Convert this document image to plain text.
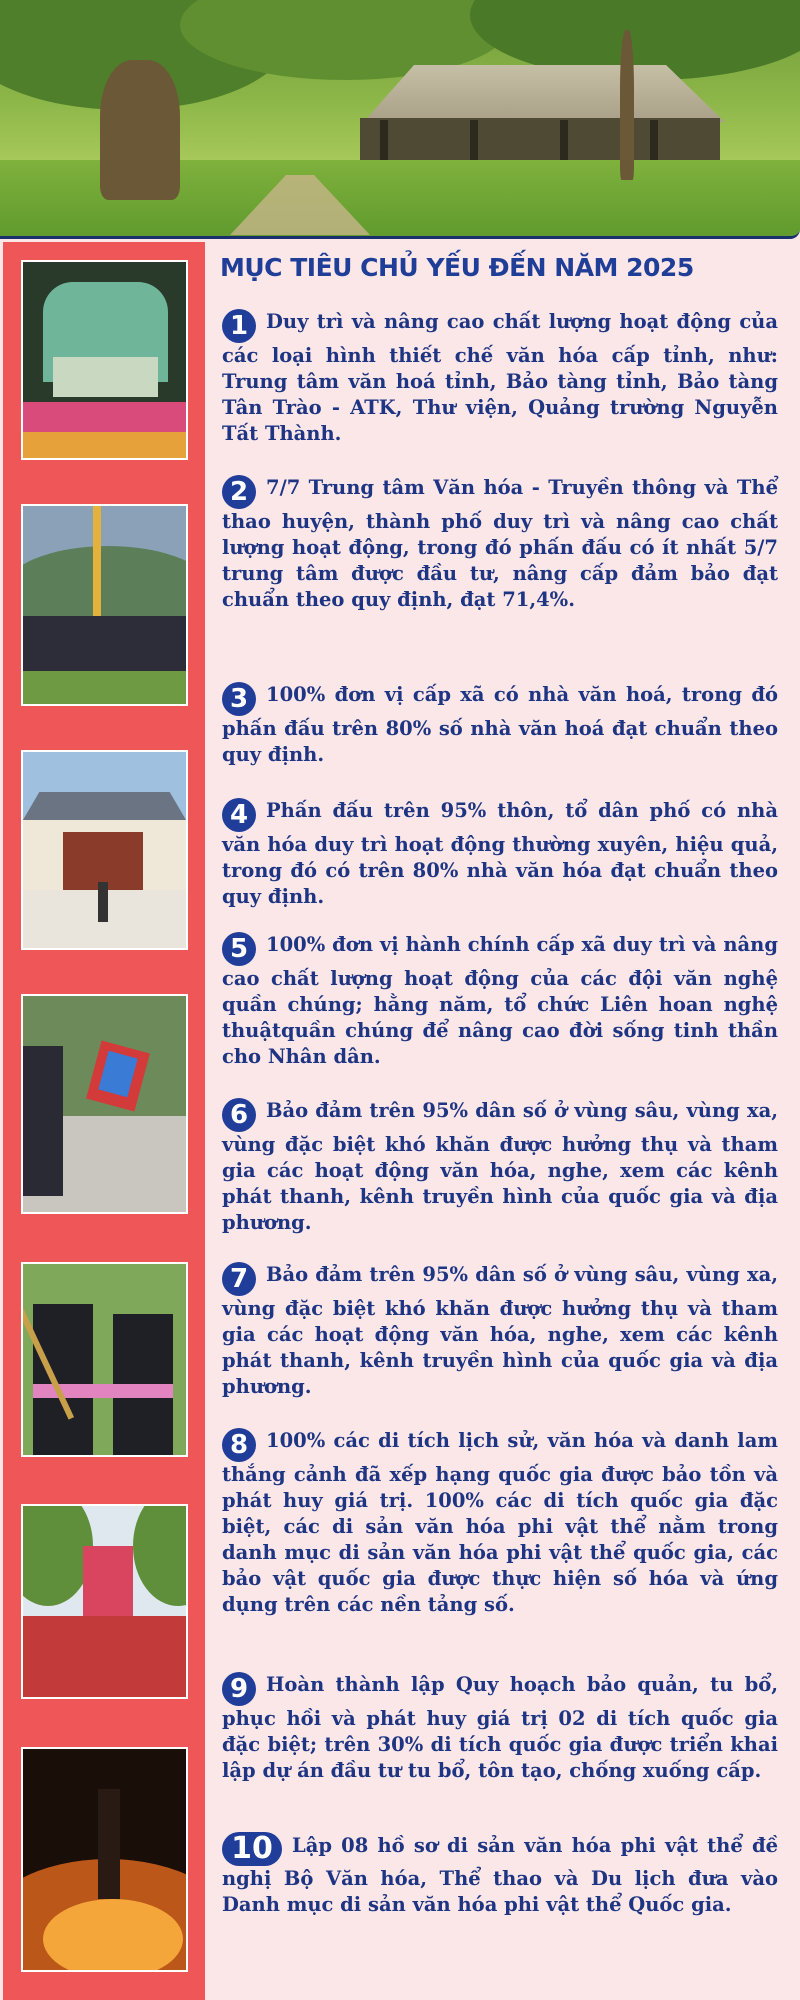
MỤC TIÊU CHỦ YẾU ĐẾN NĂM 2025

1 Duy trì và nâng cao chất lượng hoạt động của các loại hình thiết chế văn hóa cấp tỉnh, như: Trung tâm văn hoá tỉnh, Bảo tàng tỉnh, Bảo tàng Tân Trào - ATK, Thư viện, Quảng trường Nguyễn Tất Thành.

2 7/7 Trung tâm Văn hóa - Truyền thông và Thể thao huyện, thành phố duy trì và nâng cao chất lượng hoạt động, trong đó phấn đấu có ít nhất 5/7 trung tâm được đầu tư, nâng cấp đảm bảo đạt chuẩn theo quy định, đạt 71,4%.

3 100% đơn vị cấp xã có nhà văn hoá, trong đó phấn đấu trên 80% số nhà văn hoá đạt chuẩn theo quy định.

4 Phấn đấu trên 95% thôn, tổ dân phố có nhà văn hóa duy trì hoạt động thường xuyên, hiệu quả, trong đó có trên 80% nhà văn hóa đạt chuẩn theo quy định.

5 100% đơn vị hành chính cấp xã duy trì và nâng cao chất lượng hoạt động của các đội văn nghệ quần chúng; hằng năm, tổ chức Liên hoan nghệ thuậtquần chúng để nâng cao đời sống tinh thần cho Nhân dân.

6 Bảo đảm trên 95% dân số ở vùng sâu, vùng xa, vùng đặc biệt khó khăn được hưởng thụ và tham gia các hoạt động văn hóa, nghe, xem các kênh phát thanh, kênh truyền hình của quốc gia và địa phương.

7 Bảo đảm trên 95% dân số ở vùng sâu, vùng xa, vùng đặc biệt khó khăn được hưởng thụ và tham gia các hoạt động văn hóa, nghe, xem các kênh phát thanh, kênh truyền hình của quốc gia và địa phương.

8 100% các di tích lịch sử, văn hóa và danh lam thắng cảnh đã xếp hạng quốc gia được bảo tồn và phát huy giá trị. 100% các di tích quốc gia đặc biệt, các di sản văn hóa phi vật thể nằm trong danh mục di sản văn hóa phi vật thể quốc gia, các bảo vật quốc gia được thực hiện số hóa và ứng dụng trên các nền tảng số.

9 Hoàn thành lập Quy hoạch bảo quản, tu bổ, phục hồi và phát huy giá trị 02 di tích quốc gia đặc biệt; trên 30% di tích quốc gia được triển khai lập dự án đầu tư tu bổ, tôn tạo, chống xuống cấp.

10 Lập 08 hồ sơ di sản văn hóa phi vật thể đề nghị Bộ Văn hóa, Thể thao và Du lịch đưa vào Danh mục di sản văn hóa phi vật thể Quốc gia.
